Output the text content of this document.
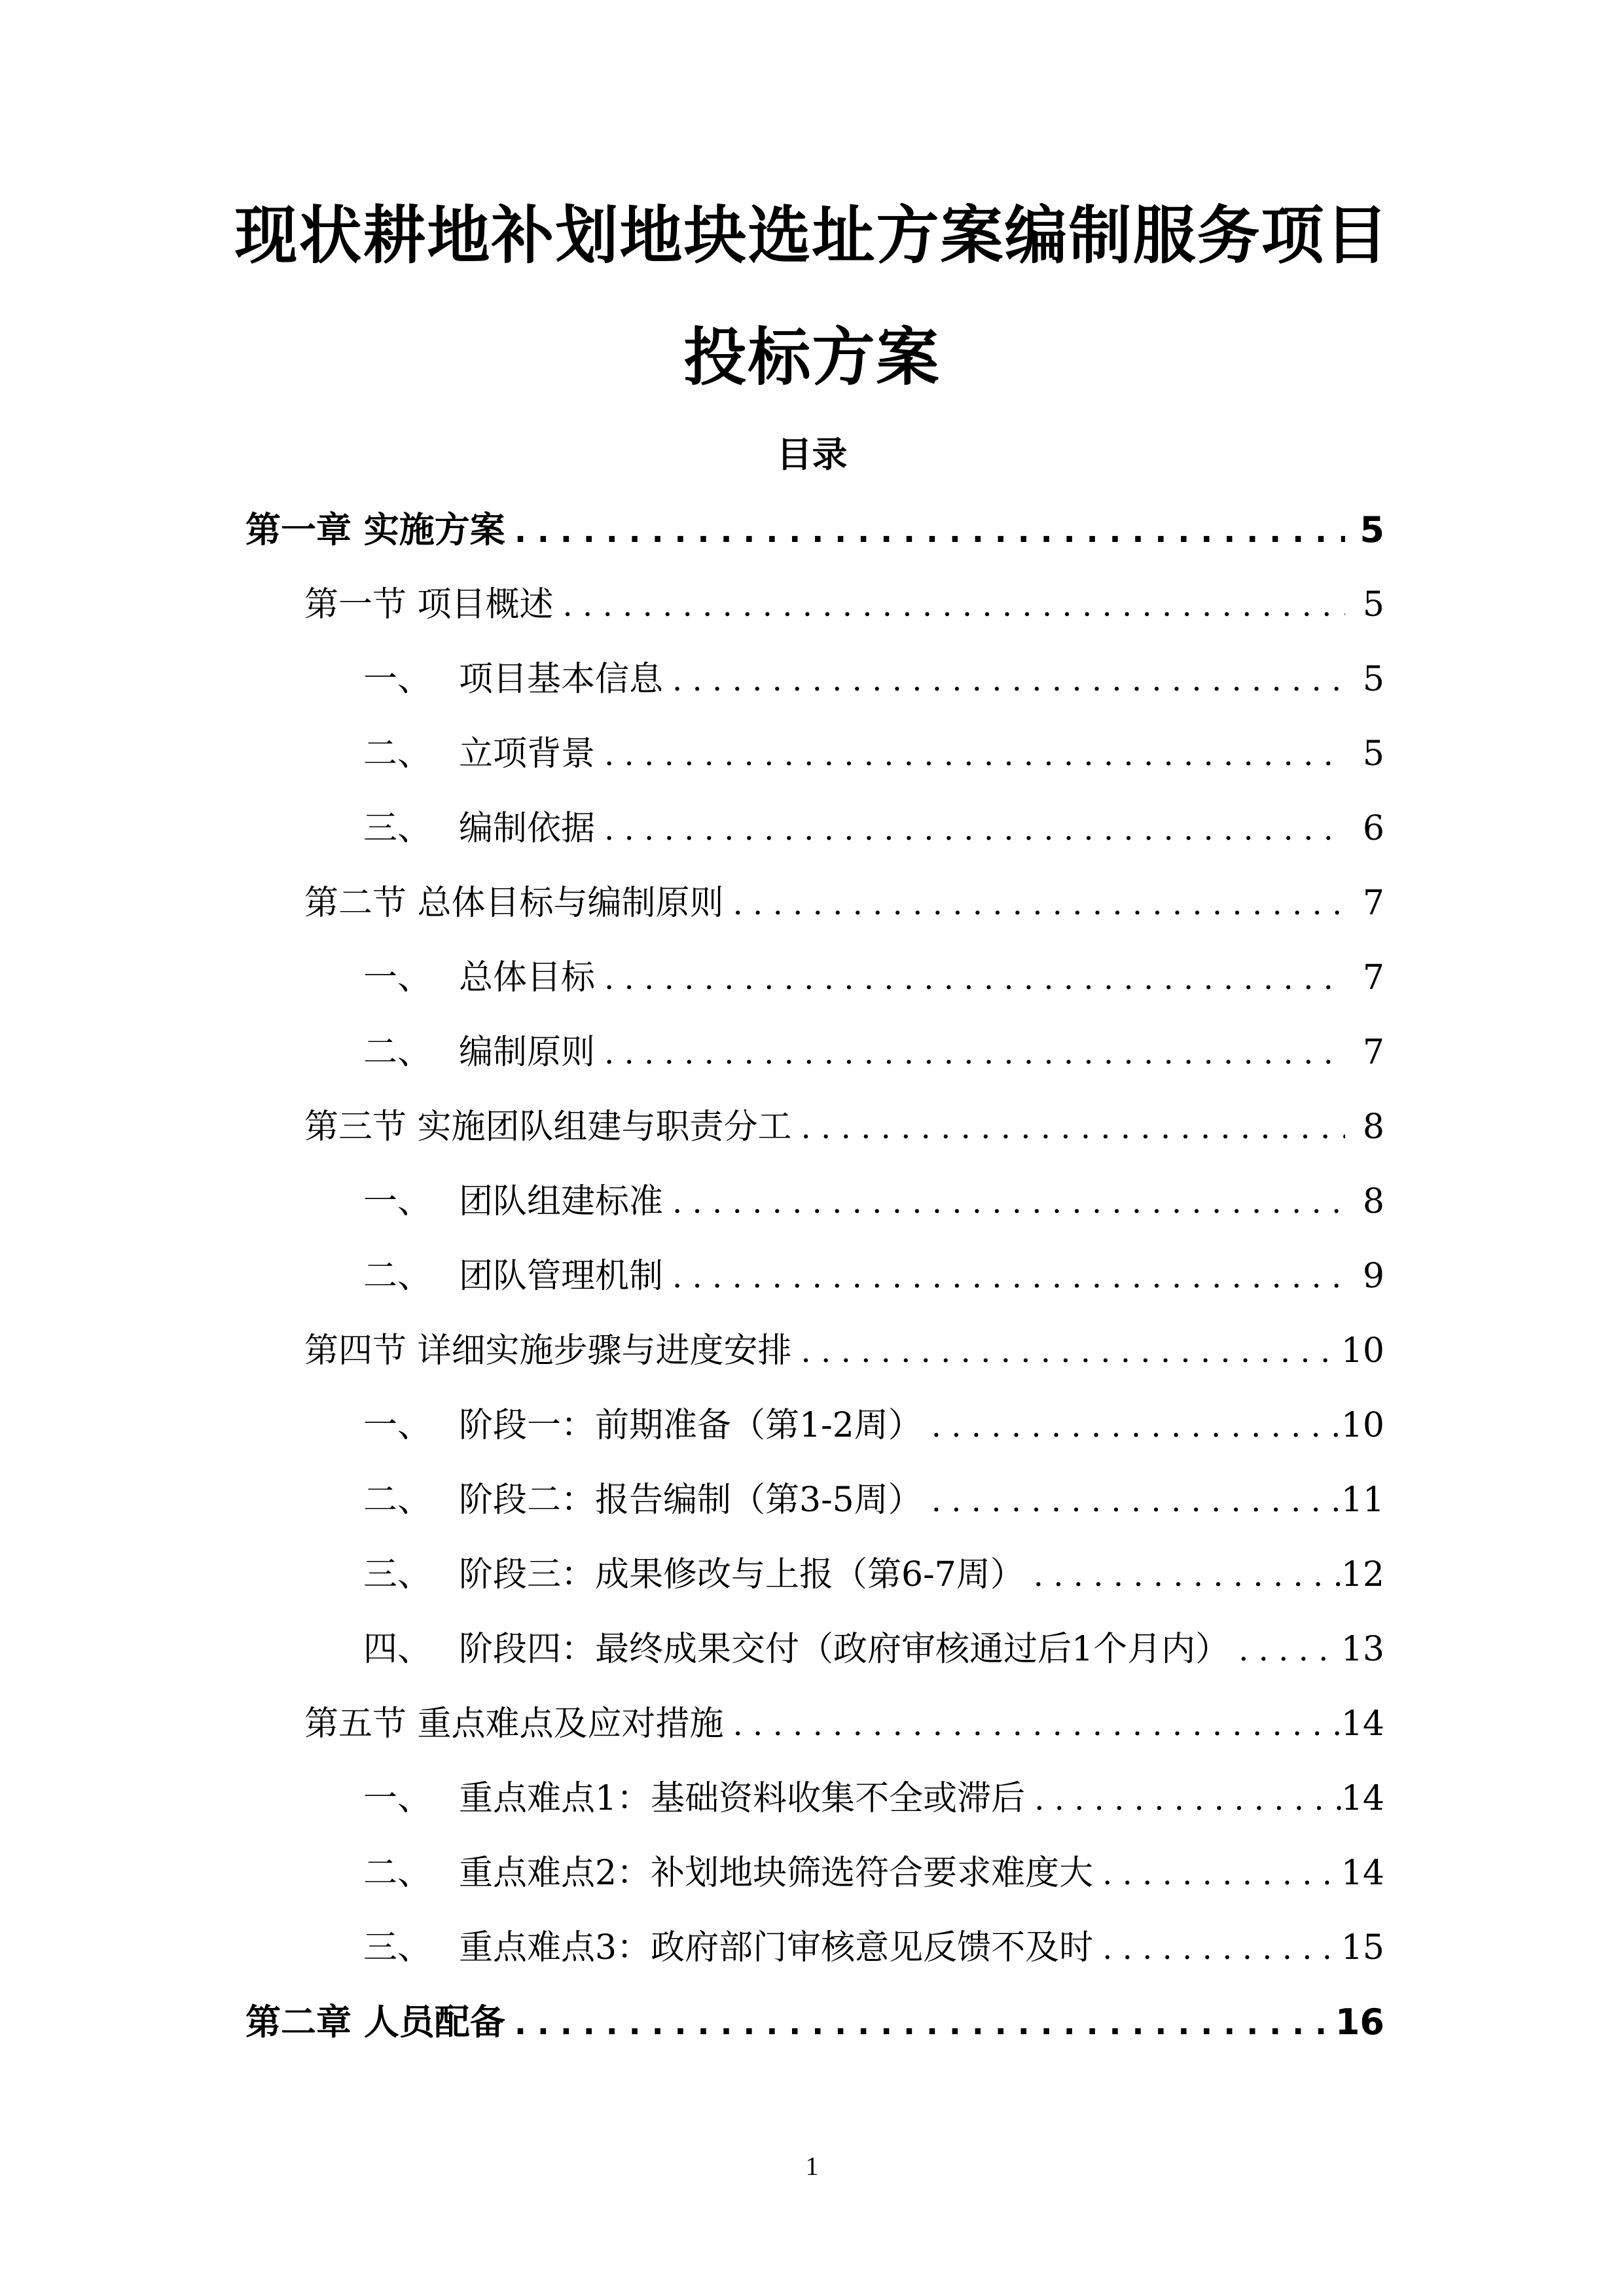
现状耕地补划地块选址方案编制服务项目
投标方案
目录
第一章 实施方案 . . .	5
第一节 项目概述 . . .	5
一、 项目基本信息 . . .	5
二、 立项背景 . . .	5
三、 编制依据 . . .	6
第二节 总体目标与编制原则 . . .	7
一、 总体目标 . . .	7
二、 编制原则 . . .	7
第三节 实施团队组建与职责分工 . . .	8
一、 团队组建标准 . . .	8
二、 团队管理机制 . . .	9
第四节 详细实施步骤与进度安排 . . .	10
一、 阶段一：前期准备（第1-2周） . . .	10
二、 阶段二：报告编制（第3-5周） . . .	11
三、 阶段三：成果修改与上报（第6-7周） . . .	12
四、 阶段四：最终成果交付（政府审核通过后1个月内） . . .	13
第五节 重点难点及应对措施 . . .	14
一、 重点难点1：基础资料收集不全或滞后 . . .	14
二、 重点难点2：补划地块筛选符合要求难度大 . . .	14
三、 重点难点3：政府部门审核意见反馈不及时 . . .	15
第二章 人员配备 . . .	16

1
